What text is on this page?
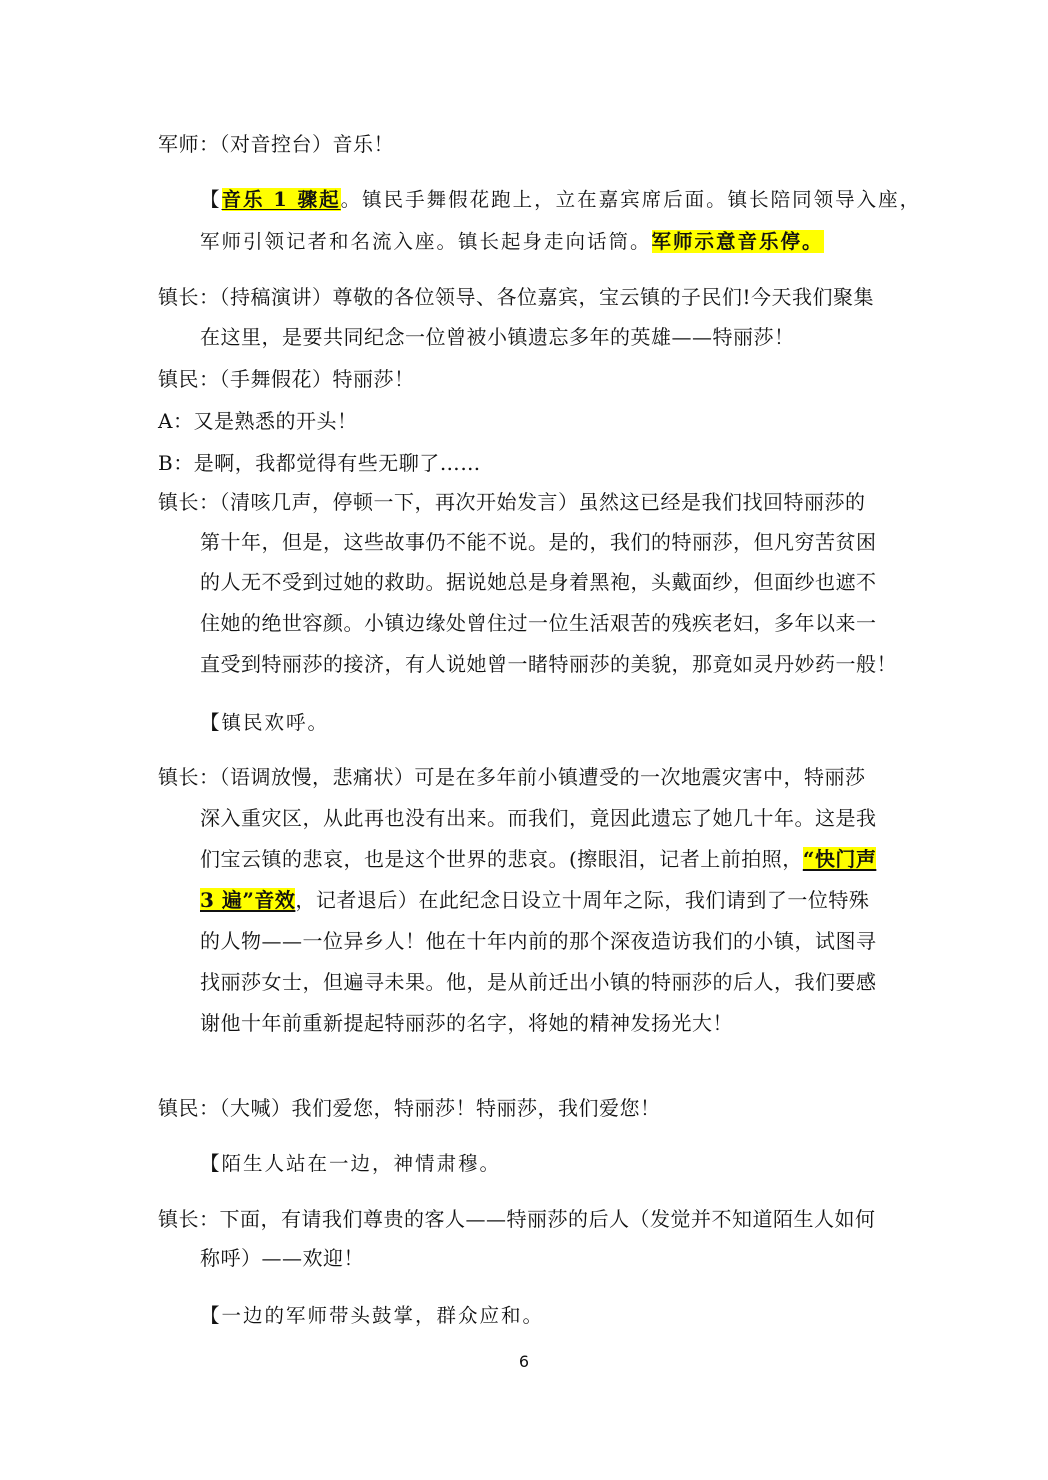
军师：（对音控台）音乐！
【音乐 1 骤起。镇民手舞假花跑上，立在嘉宾席后面。镇长陪同领导入座，
军师引领记者和名流入座。镇长起身走向话筒。军师示意音乐停。
镇长：（持稿演讲）尊敬的各位领导、各位嘉宾，宝云镇的子民们!今天我们聚集
在这里，是要共同纪念一位曾被小镇遗忘多年的英雄——特丽莎！
镇民：（手舞假花）特丽莎！
A：又是熟悉的开头！
B：是啊，我都觉得有些无聊了……
镇长：（清咳几声，停顿一下，再次开始发言）虽然这已经是我们找回特丽莎的
第十年，但是，这些故事仍不能不说。是的，我们的特丽莎，但凡穷苦贫困
的人无不受到过她的救助。据说她总是身着黑袍，头戴面纱，但面纱也遮不
住她的绝世容颜。小镇边缘处曾住过一位生活艰苦的残疾老妇，多年以来一
直受到特丽莎的接济，有人说她曾一睹特丽莎的美貌，那竟如灵丹妙药一般！
【镇民欢呼。
镇长：（语调放慢，悲痛状）可是在多年前小镇遭受的一次地震灾害中，特丽莎
深入重灾区，从此再也没有出来。而我们，竟因此遗忘了她几十年。这是我
们宝云镇的悲哀，也是这个世界的悲哀。(擦眼泪，记者上前拍照，“快门声
3 遍”音效，记者退后）在此纪念日设立十周年之际，我们请到了一位特殊
的人物——一位异乡人！他在十年内前的那个深夜造访我们的小镇，试图寻
找丽莎女士，但遍寻未果。他，是从前迁出小镇的特丽莎的后人，我们要感
谢他十年前重新提起特丽莎的名字，将她的精神发扬光大！
镇民：（大喊）我们爱您，特丽莎！特丽莎，我们爱您！
【陌生人站在一边，神情肃穆。
镇长：下面，有请我们尊贵的客人——特丽莎的后人（发觉并不知道陌生人如何
称呼）——欢迎！
【一边的军师带头鼓掌，群众应和。
6
